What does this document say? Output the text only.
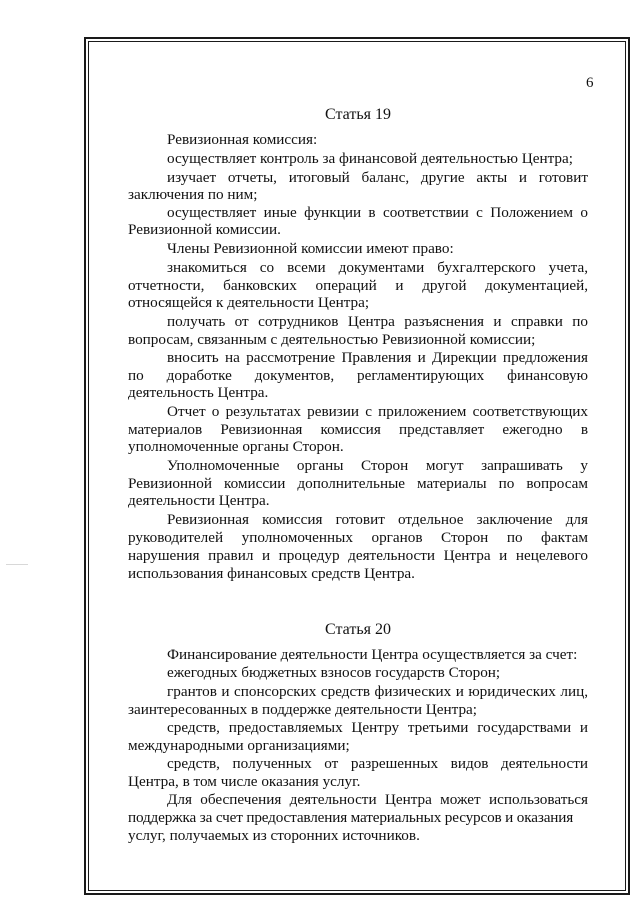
6
Статья 19
Ревизионная комиссия:
осуществляет контроль за финансовой деятельностью Центра;
изучает отчеты, итоговый баланс, другие акты и готовит
заключения по ним;
осуществляет иные функции в соответствии с Положением о
Ревизионной комиссии.
Члены Ревизионной комиссии имеют право:
знакомиться со всеми документами бухгалтерского учета,
отчетности, банковских операций и другой документацией,
относящейся к деятельности Центра;
получать от сотрудников Центра разъяснения и справки по
вопросам, связанным с деятельностью Ревизионной комиссии;
вносить на рассмотрение Правления и Дирекции предложения
по доработке документов, регламентирующих финансовую
деятельность Центра.
Отчет о результатах ревизии с приложением соответствующих
материалов Ревизионная комиссия представляет ежегодно в
уполномоченные органы Сторон.
Уполномоченные органы Сторон могут запрашивать у
Ревизионной комиссии дополнительные материалы по вопросам
деятельности Центра.
Ревизионная комиссия готовит отдельное заключение для
руководителей уполномоченных органов Сторон по фактам
нарушения правил и процедур деятельности Центра и нецелевого
использования финансовых средств Центра.
Статья 20
Финансирование деятельности Центра осуществляется за счет:
ежегодных бюджетных взносов государств Сторон;
грантов и спонсорских средств физических и юридических лиц,
заинтересованных в поддержке деятельности Центра;
средств, предоставляемых Центру третьими государствами и
международными организациями;
средств, полученных от разрешенных видов деятельности
Центра, в том числе оказания услуг.
Для обеспечения деятельности Центра может использоваться
поддержка за счет предоставления материальных ресурсов и оказания
услуг, получаемых из сторонних источников.
